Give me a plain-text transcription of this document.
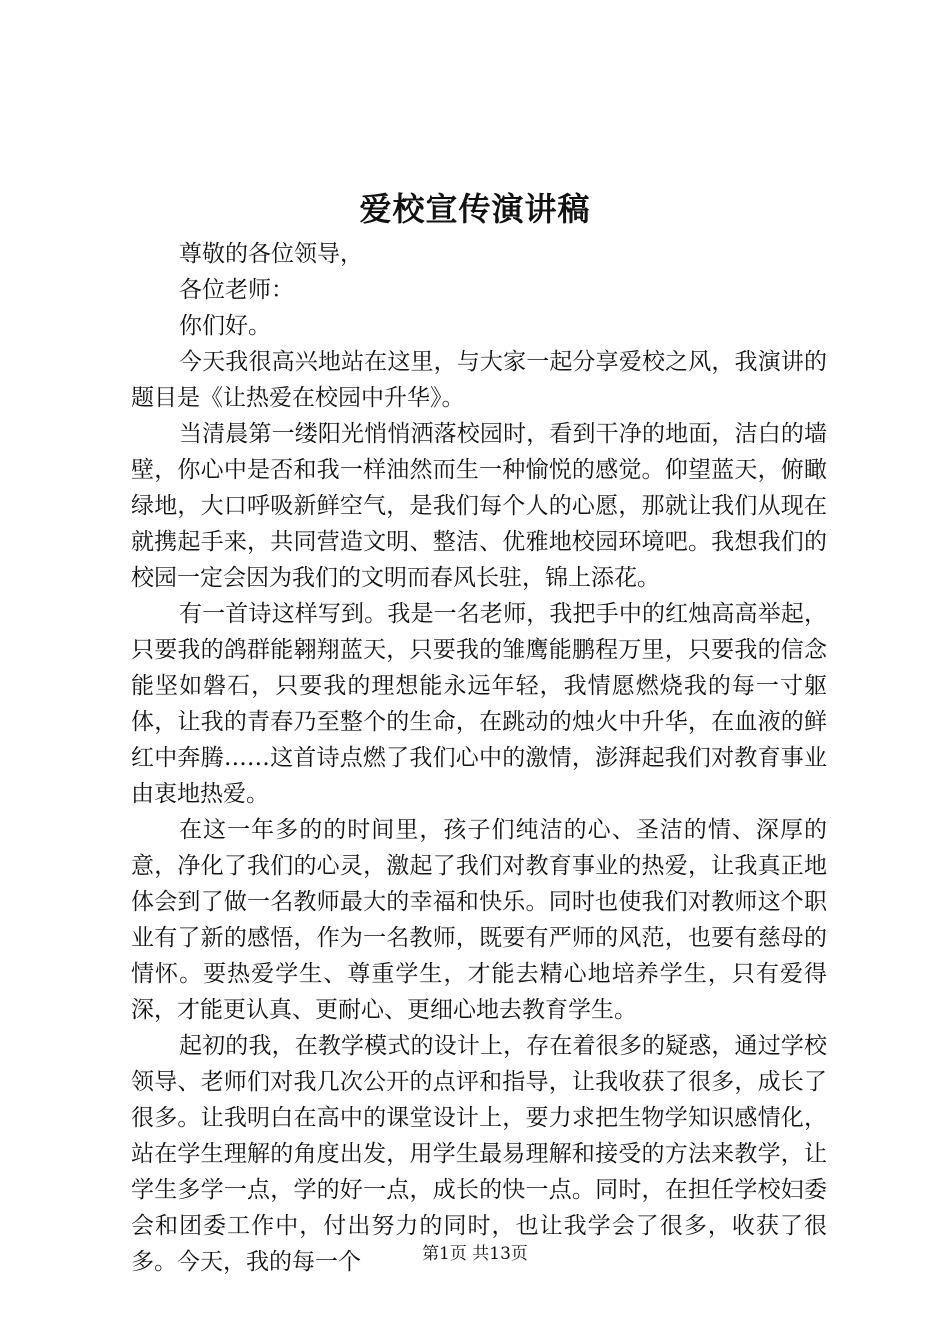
爱校宣传演讲稿

尊敬的各位领导，

各位老师：

你们好。

今天我很高兴地站在这里，与大家一起分享爱校之风，我演讲的题目是《让热爱在校园中升华》。

当清晨第一缕阳光悄悄洒落校园时，看到干净的地面，洁白的墙壁，你心中是否和我一样油然而生一种愉悦的感觉。仰望蓝天，俯瞰绿地，大口呼吸新鲜空气，是我们每个人的心愿，那就让我们从现在就携起手来，共同营造文明、整洁、优雅地校园环境吧。我想我们的校园一定会因为我们的文明而春风长驻，锦上添花。

有一首诗这样写到。我是一名老师，我把手中的红烛高高举起，只要我的鸽群能翱翔蓝天，只要我的雏鹰能鹏程万里，只要我的信念能坚如磐石，只要我的理想能永远年轻，我情愿燃烧我的每一寸躯体，让我的青春乃至整个的生命，在跳动的烛火中升华，在血液的鲜红中奔腾……这首诗点燃了我们心中的激情，澎湃起我们对教育事业由衷地热爱。

在这一年多的的时间里，孩子们纯洁的心、圣洁的情、深厚的意，净化了我们的心灵，激起了我们对教育事业的热爱，让我真正地体会到了做一名教师最大的幸福和快乐。同时也使我们对教师这个职业有了新的感悟，作为一名教师，既要有严师的风范，也要有慈母的情怀。要热爱学生、尊重学生，才能去精心地培养学生，只有爱得深，才能更认真、更耐心、更细心地去教育学生。

起初的我，在教学模式的设计上，存在着很多的疑惑，通过学校领导、老师们对我几次公开的点评和指导，让我收获了很多，成长了很多。让我明白在高中的课堂设计上，要力求把生物学知识感情化，站在学生理解的角度出发，用学生最易理解和接受的方法来教学，让学生多学一点，学的好一点，成长的快一点。同时，在担任学校妇委会和团委工作中，付出努力的同时，也让我学会了很多，收获了很多。今天，我的每一个	第1页 共13页
